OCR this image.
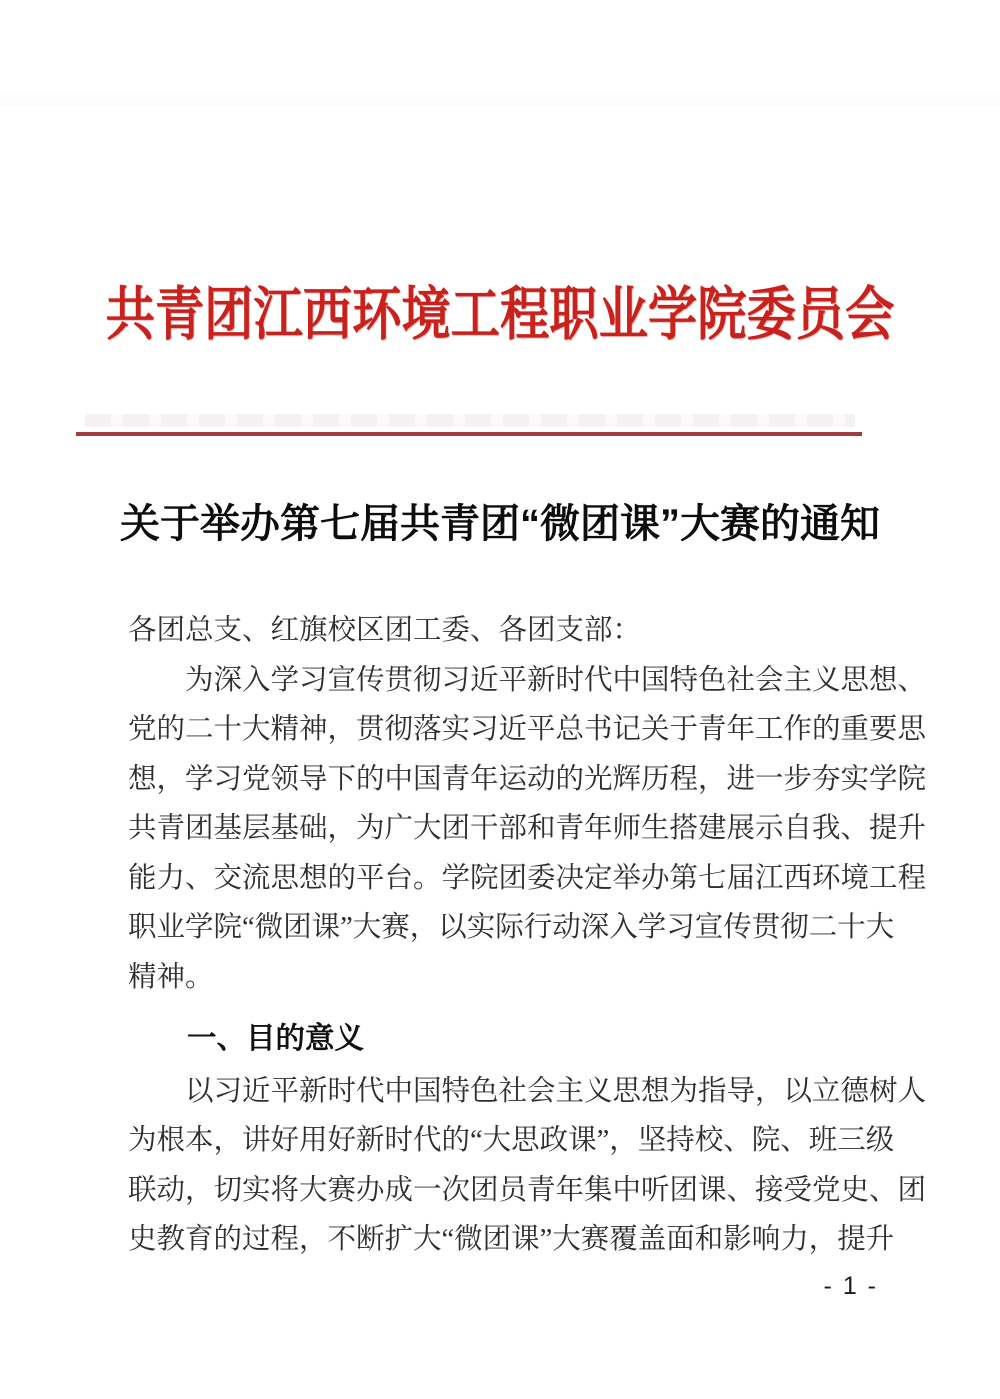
共青团江西环境工程职业学院委员会
关于举办第七届共青团“微团课”大赛的通知
各团总支、红旗校区团工委、各团支部：
为深入学习宣传贯彻习近平新时代中国特色社会主义思想、
党的二十大精神，贯彻落实习近平总书记关于青年工作的重要思
想，学习党领导下的中国青年运动的光辉历程，进一步夯实学院
共青团基层基础，为广大团干部和青年师生搭建展示自我、提升
能力、交流思想的平台。学院团委决定举办第七届江西环境工程
职业学院“微团课”大赛，以实际行动深入学习宣传贯彻二十大
精神。
一、目的意义
以习近平新时代中国特色社会主义思想为指导，以立德树人
为根本，讲好用好新时代的“大思政课”，坚持校、院、班三级
联动，切实将大赛办成一次团员青年集中听团课、接受党史、团
史教育的过程，不断扩大“微团课”大赛覆盖面和影响力，提升
- 1 -
